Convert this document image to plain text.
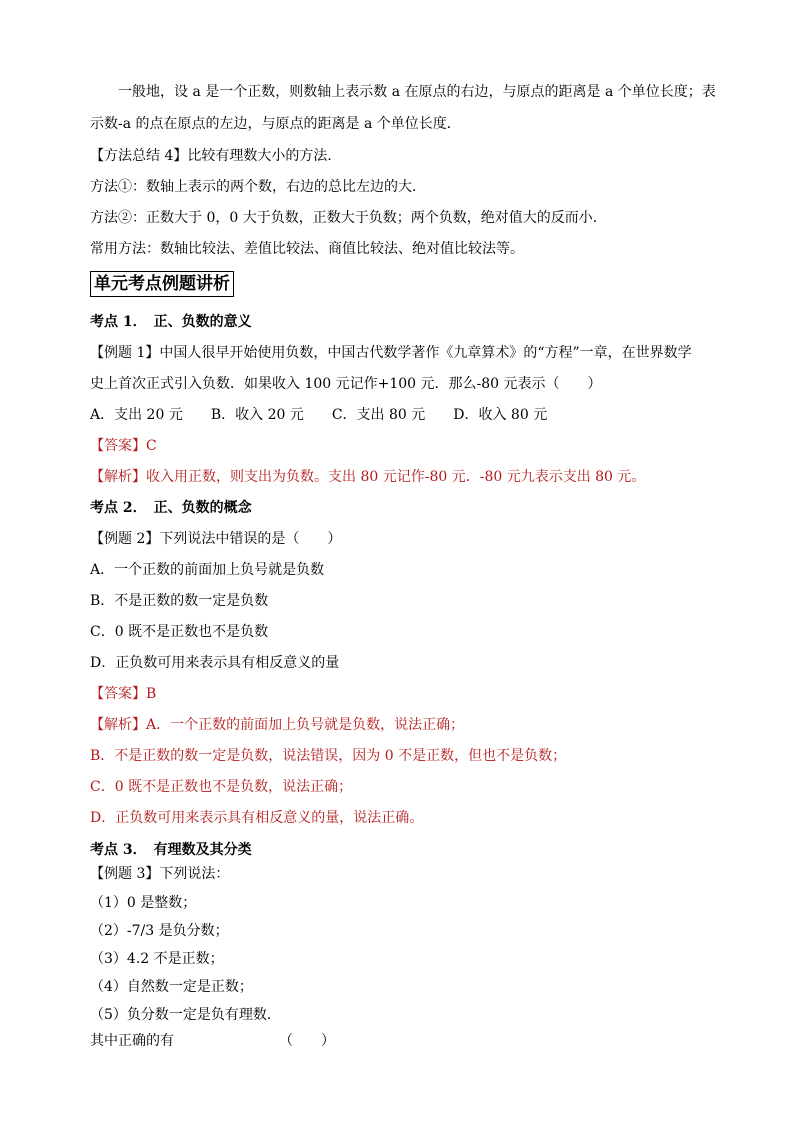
一般地，设 a 是一个正数，则数轴上表示数 a 在原点的右边，与原点的距离是 a 个单位长度；表
示数-a 的点在原点的左边，与原点的距离是 a 个单位长度．
【方法总结 4】比较有理数大小的方法．
方法①：数轴上表示的两个数，右边的总比左边的大．
方法②：正数大于 0，0 大于负数，正数大于负数；两个负数，绝对值大的反而小．
常用方法：数轴比较法、差值比较法、商值比较法、绝对值比较法等。
单元考点例题讲析
考点 1．　正、负数的意义
【例题 1】中国人很早开始使用负数，中国古代数学著作《九章算术》的“方程”一章，在世界数学
史上首次正式引入负数．如果收入 100 元记作+100 元．那么-80 元表示（　　）
A．支出 20 元　　B．收入 20 元　　C．支出 80 元　　D．收入 80 元
【答案】C
【解析】收入用正数，则支出为负数。支出 80 元记作-80 元．-80 元九表示支出 80 元。
考点 2．　正、负数的概念
【例题 2】下列说法中错误的是（　　）
A．一个正数的前面加上负号就是负数
B．不是正数的数一定是负数
C．0 既不是正数也不是负数
D．正负数可用来表示具有相反意义的量
【答案】B
【解析】A．一个正数的前面加上负号就是负数，说法正确；
B．不是正数的数一定是负数，说法错误，因为 0 不是正数，但也不是负数；
C．0 既不是正数也不是负数，说法正确；
D．正负数可用来表示具有相反意义的量，说法正确。
考点 3．　有理数及其分类
【例题 3】下列说法：
（1）0 是整数；
（2）-7/3 是负分数；
（3）4.2 不是正数；
（4）自然数一定是正数；
（5）负分数一定是负有理数．
其中正确的有　　　　　　　　（　　）
